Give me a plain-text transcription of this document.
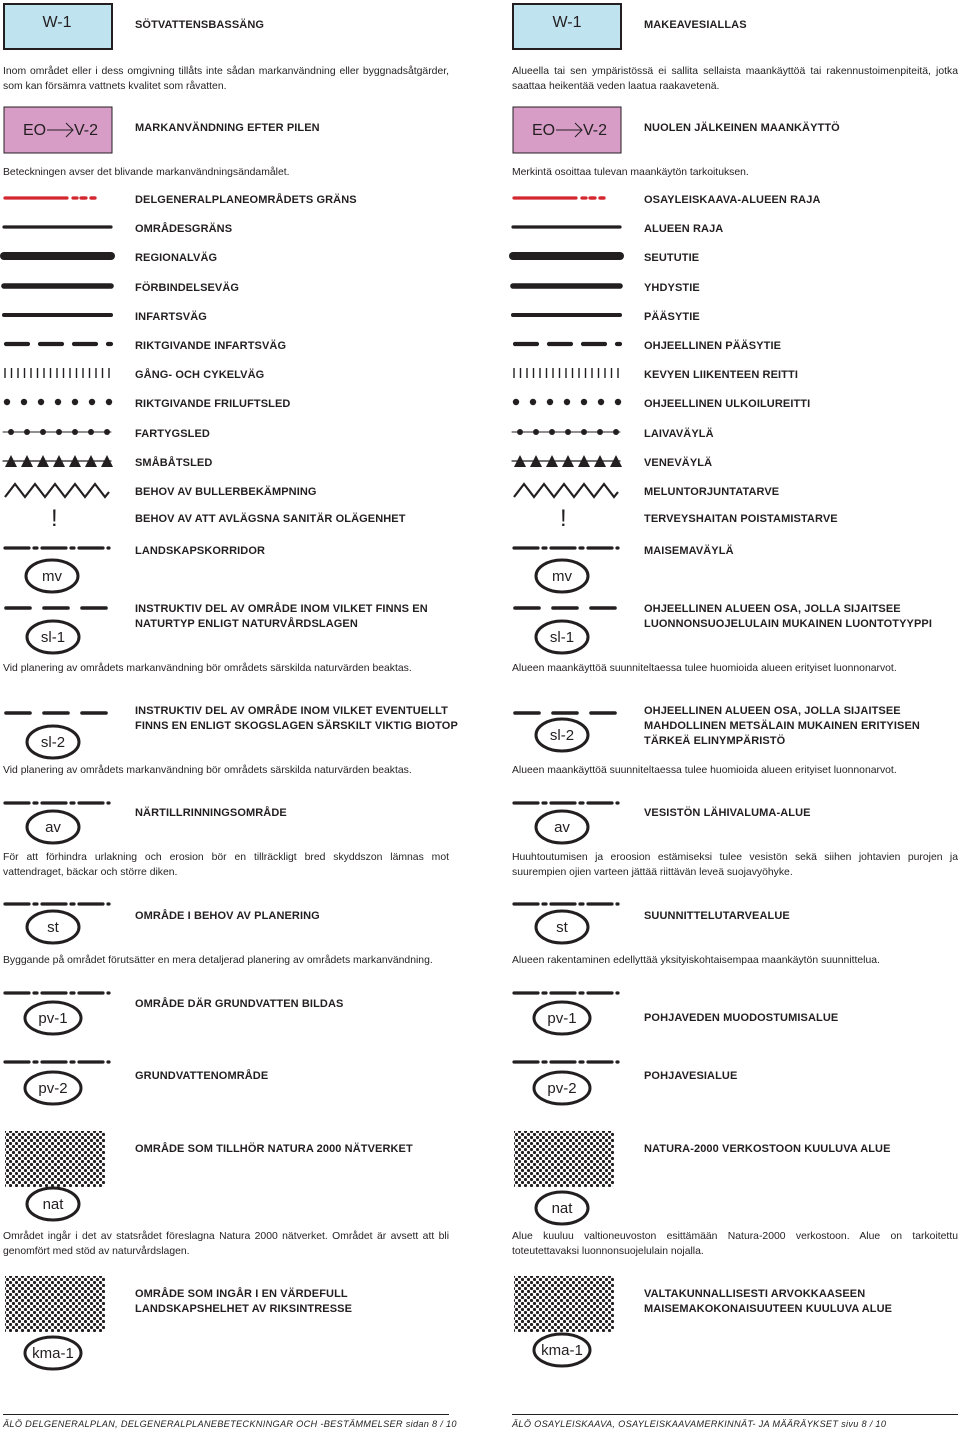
W-1	SÖTVATTENSBASSÄNG
Inom området eller i dess omgivning tillåts inte sådan markanvändning eller byggnadsåtgärder, som kan försämra vattnets kvalitet som råvatten.
EO V-2	MARKANVÄNDNING EFTER PILEN
Beteckningen avser det blivande markanvändningsändamålet.
DELGENERALPLANEOMRÅDETS GRÄNS
OMRÅDESGRÄNS
REGIONALVÄG
FÖRBINDELSEVÄG
INFARTSVÄG
RIKTGIVANDE INFARTSVÄG
GÅNG- OCH CYKELVÄG
RIKTGIVANDE FRILUFTSLED
FARTYGSLED
SMÅBÅTSLED
BEHOV AV BULLERBEKÄMPNING
!	BEHOV AV ATT AVLÄGSNA SANITÄR OLÄGENHET
mv
LANDSKAPSKORRIDOR
sl-1
INSTRUKTIV DEL AV OMRÅDE INOM VILKET FINNS EN NATURTYP ENLIGT NATURVÅRDSLAGEN
Vid planering av områdets markanvändning bör områdets särskilda naturvärden beaktas.
sl-2
INSTRUKTIV DEL AV OMRÅDE INOM VILKET EVENTUELLT FINNS EN ENLIGT SKOGSLAGEN SÄRSKILT VIKTIG BIOTOP
Vid planering av områdets markanvändning bör områdets särskilda naturvärden beaktas.
av
NÄRTILLRINNINGSOMRÅDE
För att förhindra urlakning och erosion bör en tillräckligt bred skyddszon lämnas mot vattendraget, bäckar och större diken.
st
OMRÅDE I BEHOV AV PLANERING
Byggande på området förutsätter en mera detaljerad planering av områdets markanvändning.
pv-1
OMRÅDE DÄR GRUNDVATTEN BILDAS
pv-2
GRUNDVATTENOMRÅDE
nat
OMRÅDE SOM TILLHÖR NATURA 2000 NÄTVERKET
Området ingår i det av statsrådet föreslagna Natura 2000 nätverket. Området är avsett att bli genomfört med stöd av naturvårdslagen.
kma-1
OMRÅDE SOM INGÅR I EN VÄRDEFULL LANDSKAPSHELHET AV RIKSINTRESSE
ÄLÖ DELGENERALPLAN, DELGENERALPLANEBETECKNINGAR OCH -BESTÄMMELSER sidan 8 / 10
W-1	MAKEAVESIALLAS
Alueella tai sen ympäristössä ei sallita sellaista maankäyttöä tai rakennustoimenpiteitä, jotka saattaa heikentää veden laatua raakavetenä.
EO V-2	NUOLEN JÄLKEINEN MAANKÄYTTÖ
Merkintä osoittaa tulevan maankäytön tarkoituksen.
OSAYLEISKAAVA-ALUEEN RAJA
ALUEEN RAJA
SEUTUTIE
YHDYSTIE
PÄÄSYTIE
OHJEELLINEN PÄÄSYTIE
KEVYEN LIIKENTEEN REITTI
OHJEELLINEN ULKOILUREITTI
LAIVAVÄYLÄ
VENEVÄYLÄ
MELUNTORJUNTATARVE
!	TERVEYSHAITAN POISTAMISTARVE
mv
MAISEMAVÄYLÄ
sl-1
OHJEELLINEN ALUEEN OSA, JOLLA SIJAITSEE LUONNONSUOJELULAIN MUKAINEN LUONTOTYYPPI
Alueen maankäyttöä suunniteltaessa tulee huomioida alueen erityiset luonnonarvot.
sl-2
OHJEELLINEN ALUEEN OSA, JOLLA SIJAITSEE MAHDOLLINEN METSÄLAIN MUKAINEN ERITYISEN TÄRKEÄ ELINYMPÄRISTÖ
Alueen maankäyttöä suunniteltaessa tulee huomioida alueen erityiset luonnonarvot.
av
VESISTÖN LÄHIVALUMA-ALUE
Huuhtoutumisen ja eroosion estämiseksi tulee vesistön sekä siihen johtavien purojen ja suurempien ojien varteen jättää riittävän leveä suojavyöhyke.
st
SUUNNITTELUTARVEALUE
Alueen rakentaminen edellyttää yksityiskohtaisempaa maankäytön suunnittelua.
pv-1	POHJAVEDEN MUODOSTUMISALUE
pv-2
POHJAVESIALUE
nat
NATURA-2000 VERKOSTOON KUULUVA ALUE
Alue kuuluu valtioneuvoston esittämään Natura-2000 verkostoon. Alue on tarkoitettu toteutettavaksi luonnonsuojelulain nojalla.
kma-1
VALTAKUNNALLISESTI ARVOKKAASEEN MAISEMAKOKONAISUUTEEN KUULUVA ALUE
ÄLÖ OSAYLEISKAAVA, OSAYLEISKAAVAMERKINNÄT- JA MÄÄRÄYKSET sivu 8 / 10
